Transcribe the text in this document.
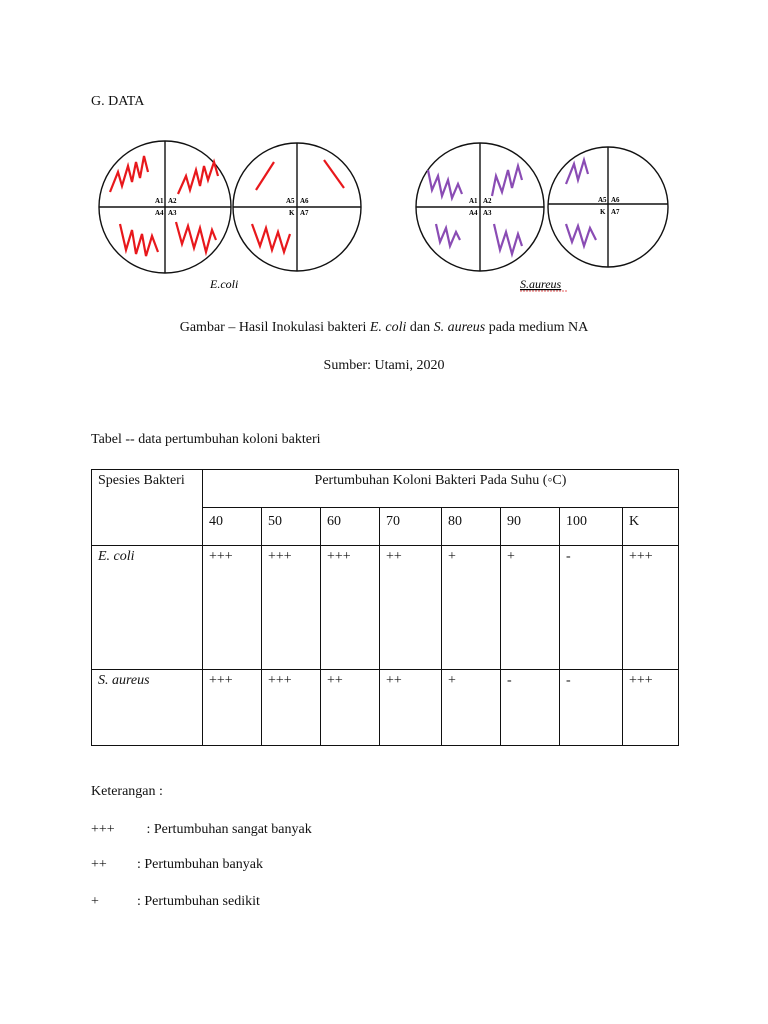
G. DATA
A1 A2
A4 A3
A5 A6
K A7
A1 A2
A4 A3
A5 A6
K A7
E.coli	S.aureus
Gambar – Hasil Inokulasi bakteri E. coli dan S. aureus pada medium NA
Sumber: Utami, 2020
Tabel -- data pertumbuhan koloni bakteri
Spesies Bakteri	Pertumbuhan Koloni Bakteri Pada Suhu (◦C)							
	40	50	60	70	80	90	100	K
E. coli	+++	+++	+++	++	+	+	-	+++
S. aureus	+++	+++	++	++	+	-	-	+++
Keterangan :
+++ : Pertumbuhan sangat banyak
++ : Pertumbuhan banyak
+	: Pertumbuhan sedikit
